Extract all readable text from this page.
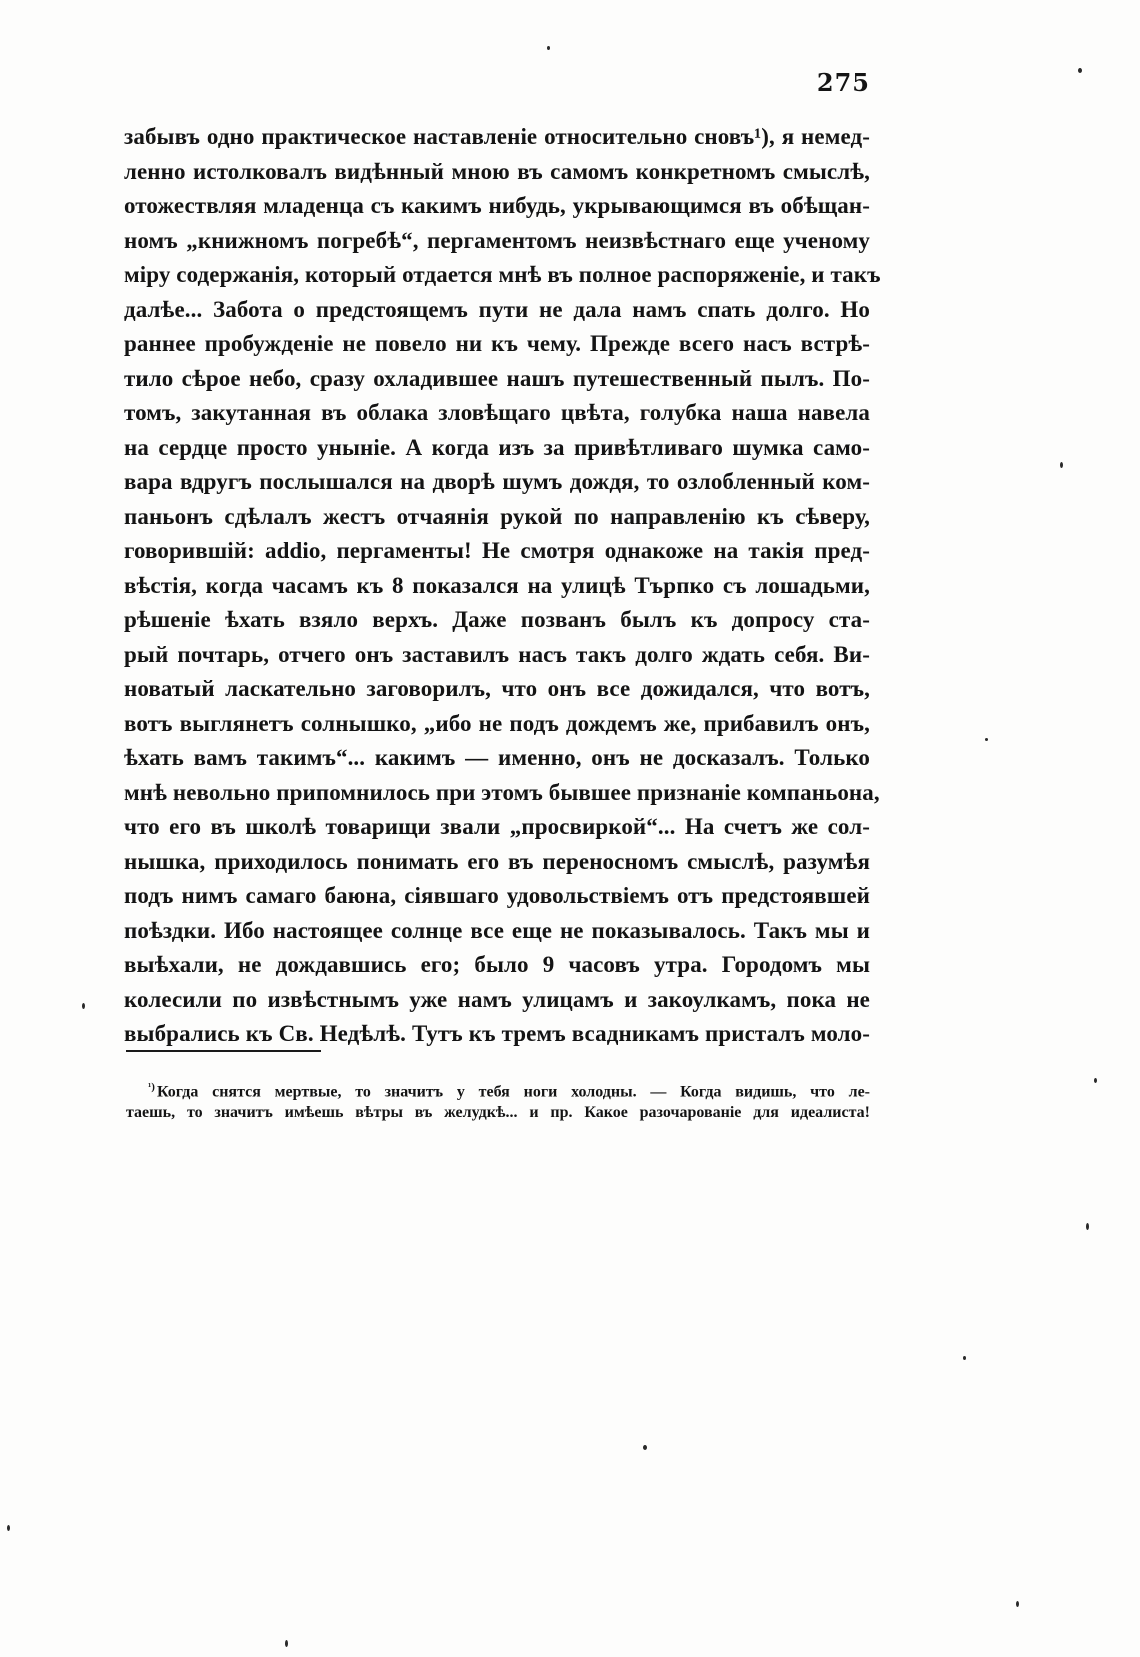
275
забывъ одно практическое наставленіе относительно сновъ¹), я немед-
ленно истолковалъ видѣнный мною въ самомъ конкретномъ смыслѣ,
отожествляя младенца съ какимъ нибудь, укрывающимся въ обѣщан-
номъ „книжномъ погребѣ“, пергаментомъ неизвѣстнаго еще ученому
міру содержанія, который отдается мнѣ въ полное распоряженіе, и такъ
далѣе... Забота о предстоящемъ пути не дала намъ спать долго. Но
раннее пробужденіе не повело ни къ чему. Прежде всего насъ встрѣ-
тило сѣрое небо, сразу охладившее нашъ путешественный пылъ. По-
томъ, закутанная въ облака зловѣщаго цвѣта, голубка наша навела
на сердце просто уныніе. А когда изъ за привѣтливаго шумка само-
вара вдругъ послышался на дворѣ шумъ дождя, то озлобленный ком-
паньонъ сдѣлалъ жестъ отчаянія рукой по направленію къ сѣверу,
говорившій: addio, пергаменты! Не смотря однакоже на такія пред-
вѣстія, когда часамъ къ 8 показался на улицѣ Търпко съ лошадьми,
рѣшеніе ѣхать взяло верхъ. Даже позванъ былъ къ допросу ста-
рый почтарь, отчего онъ заставилъ насъ такъ долго ждать себя. Ви-
новатый ласкательно заговорилъ, что онъ все дожидался, что вотъ,
вотъ выглянетъ солнышко, „ибо не подъ дождемъ же, прибавилъ онъ,
ѣхать вамъ такимъ“... какимъ — именно, онъ не досказалъ. Только
мнѣ невольно припомнилось при этомъ бывшее признаніе компаньона,
что его въ школѣ товарищи звали „просвиркой“... На счетъ же сол-
нышка, приходилось понимать его въ переносномъ смыслѣ, разумѣя
подъ нимъ самаго баюна, сіявшаго удовольствіемъ отъ предстоявшей
поѣздки. Ибо настоящее солнце все еще не показывалось. Такъ мы и
выѣхали, не дождавшись его; было 9 часовъ утра. Городомъ мы
колесили по извѣстнымъ уже намъ улицамъ и закоулкамъ, пока не
выбрались къ Св. Недѣлѣ. Тутъ къ тремъ всадникамъ присталъ моло-
$^{^1)}$ Когда снятся мертвые, то значитъ у тебя ноги холодны. — Когда видишь, что ле-
таешь, то значитъ имѣешь вѣтры въ желудкѣ... и пр. Какое разочарованіе для идеалиста!
